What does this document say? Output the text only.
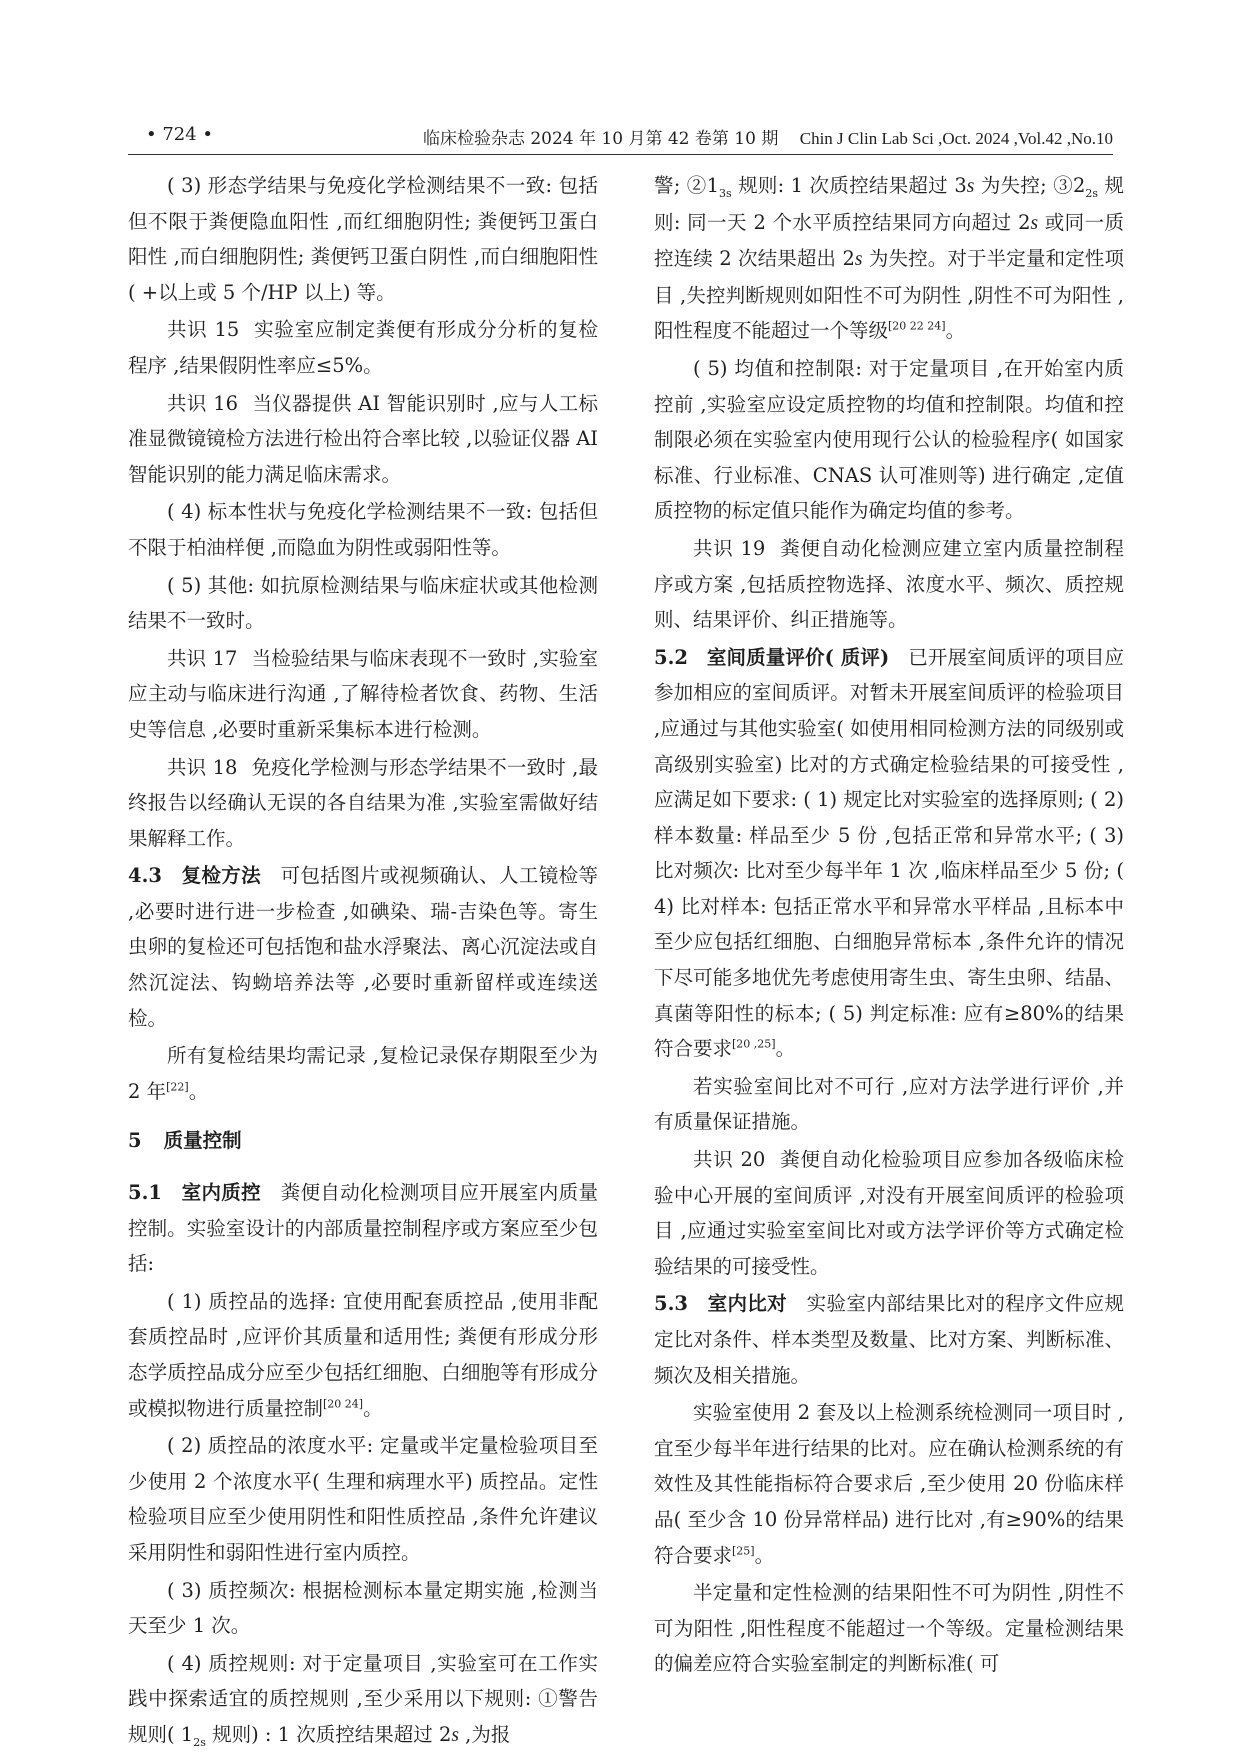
• 724 •	临床检验杂志 2024 年 10 月第 42 卷第 10 期 Chin J Clin Lab Sci ,Oct. 2024 ,Vol.42 ,No.10

( 3) 形态学结果与免疫化学检测结果不一致: 包括但不限于粪便隐血阳性 ,而红细胞阴性; 粪便钙卫蛋白阳性 ,而白细胞阴性; 粪便钙卫蛋白阴性 ,而白细胞阳性( +以上或 5 个/HP 以上) 等。

共识 15 实验室应制定粪便有形成分分析的复检程序 ,结果假阴性率应≤5%。

共识 16 当仪器提供 AI 智能识别时 ,应与人工标准显微镜镜检方法进行检出符合率比较 ,以验证仪器 AI 智能识别的能力满足临床需求。

( 4) 标本性状与免疫化学检测结果不一致: 包括但不限于柏油样便 ,而隐血为阴性或弱阳性等。

( 5) 其他: 如抗原检测结果与临床症状或其他检测结果不一致时。

共识 17 当检验结果与临床表现不一致时 ,实验室应主动与临床进行沟通 ,了解待检者饮食、药物、生活史等信息 ,必要时重新采集标本进行检测。

共识 18 免疫化学检测与形态学结果不一致时 ,最终报告以经确认无误的各自结果为准 ,实验室需做好结果解释工作。

4.3 复检方法 可包括图片或视频确认、人工镜检等 ,必要时进行进一步检查 ,如碘染、瑞-吉染色等。寄生虫卵的复检还可包括饱和盐水浮聚法、离心沉淀法或自然沉淀法、钩蚴培养法等 ,必要时重新留样或连续送检。

所有复检结果均需记录 ,复检记录保存期限至少为 2 年[22]。

5 质量控制

5.1 室内质控 粪便自动化检测项目应开展室内质量控制。实验室设计的内部质量控制程序或方案应至少包括:

( 1) 质控品的选择: 宜使用配套质控品 ,使用非配套质控品时 ,应评价其质量和适用性; 粪便有形成分形态学质控品成分应至少包括红细胞、白细胞等有形成分或模拟物进行质量控制[20 24]。

( 2) 质控品的浓度水平: 定量或半定量检验项目至少使用 2 个浓度水平( 生理和病理水平) 质控品。定性检验项目应至少使用阴性和阳性质控品 ,条件允许建议采用阴性和弱阳性进行室内质控。

( 3) 质控频次: 根据检测标本量定期实施 ,检测当天至少 1 次。

( 4) 质控规则: 对于定量项目 ,实验室可在工作实践中探索适宜的质控规则 ,至少采用以下规则: ①警告规则( $1_{2s}$ 规则) : 1 次质控结果超过 2s ,为报

警; $②1_{3s}$ 规则: 1 次质控结果超过 3s 为失控; $③2_{2s}$ 规则: 同一天 2 个水平质控结果同方向超过 2s 或同一质控连续 2 次结果超出 2s 为失控。对于半定量和定性项目 ,失控判断规则如阳性不可为阴性 ,阴性不可为阳性 ,阳性程度不能超过一个等级[20 22 24]。

( 5) 均值和控制限: 对于定量项目 ,在开始室内质控前 ,实验室应设定质控物的均值和控制限。均值和控制限必须在实验室内使用现行公认的检验程序( 如国家标准、行业标准、CNAS 认可准则等) 进行确定 ,定值质控物的标定值只能作为确定均值的参考。

共识 19 粪便自动化检测应建立室内质量控制程序或方案 ,包括质控物选择、浓度水平、频次、质控规则、结果评价、纠正措施等。

5.2 室间质量评价( 质评) 已开展室间质评的项目应参加相应的室间质评。对暂未开展室间质评的检验项目 ,应通过与其他实验室( 如使用相同检测方法的同级别或高级别实验室) 比对的方式确定检验结果的可接受性 ,应满足如下要求: ( 1) 规定比对实验室的选择原则; ( 2) 样本数量: 样品至少 5 份 ,包括正常和异常水平; ( 3) 比对频次: 比对至少每半年 1 次 ,临床样品至少 5 份; ( 4) 比对样本: 包括正常水平和异常水平样品 ,且标本中至少应包括红细胞、白细胞异常标本 ,条件允许的情况下尽可能多地优先考虑使用寄生虫、寄生虫卵、结晶、真菌等阳性的标本; ( 5) 判定标准: 应有≥80%的结果符合要求[20 ,25]。

若实验室间比对不可行 ,应对方法学进行评价 ,并有质量保证措施。

共识 20 粪便自动化检验项目应参加各级临床检验中心开展的室间质评 ,对没有开展室间质评的检验项目 ,应通过实验室室间比对或方法学评价等方式确定检验结果的可接受性。

5.3 室内比对 实验室内部结果比对的程序文件应规定比对条件、样本类型及数量、比对方案、判断标准、频次及相关措施。

实验室使用 2 套及以上检测系统检测同一项目时 ,宜至少每半年进行结果的比对。应在确认检测系统的有效性及其性能指标符合要求后 ,至少使用 20 份临床样品( 至少含 10 份异常样品) 进行比对 ,有≥90%的结果符合要求[25]。

半定量和定性检测的结果阳性不可为阴性 ,阴性不可为阳性 ,阳性程度不能超过一个等级。定量检测结果的偏差应符合实验室制定的判断标准( 可
